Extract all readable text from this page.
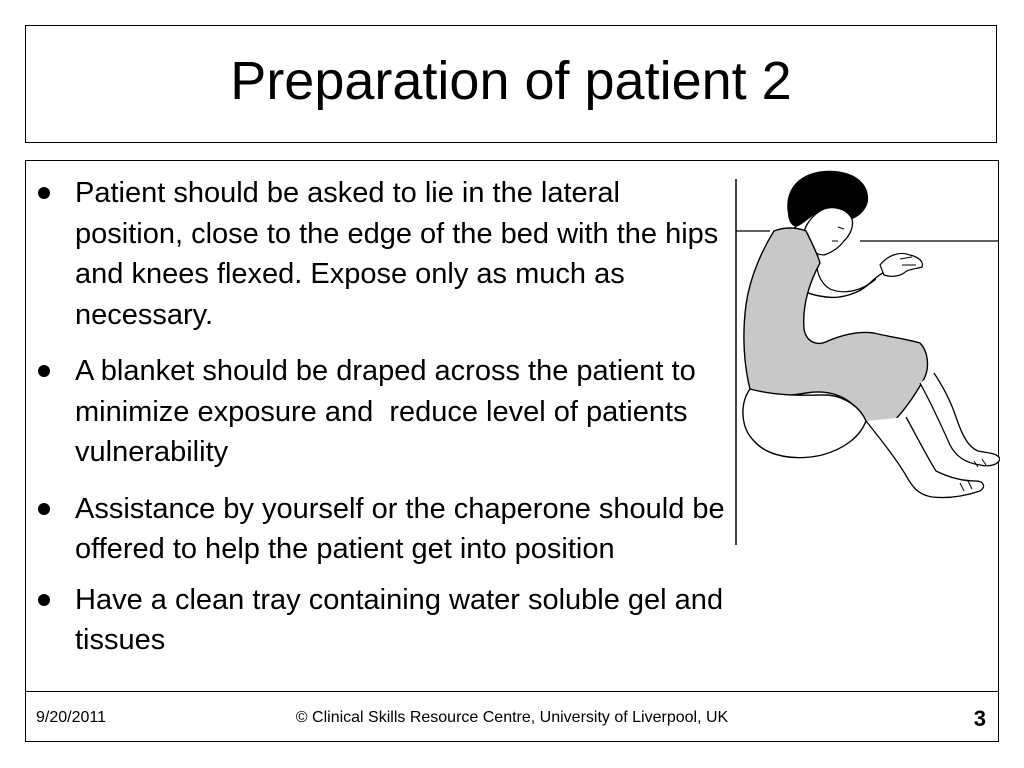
Preparation of patient 2
Patient should be asked to lie in the lateral position, close to the edge of the bed with the hips and knees flexed. Expose only as much as necessary.
A blanket should be draped across the patient to minimize exposure and  reduce level of patients vulnerability
Assistance by yourself or the chaperone should be offered to help the patient get into position
Have a clean tray containing water soluble gel and tissues
9/20/2011	© Clinical Skills Resource Centre, University of Liverpool, UK	3
